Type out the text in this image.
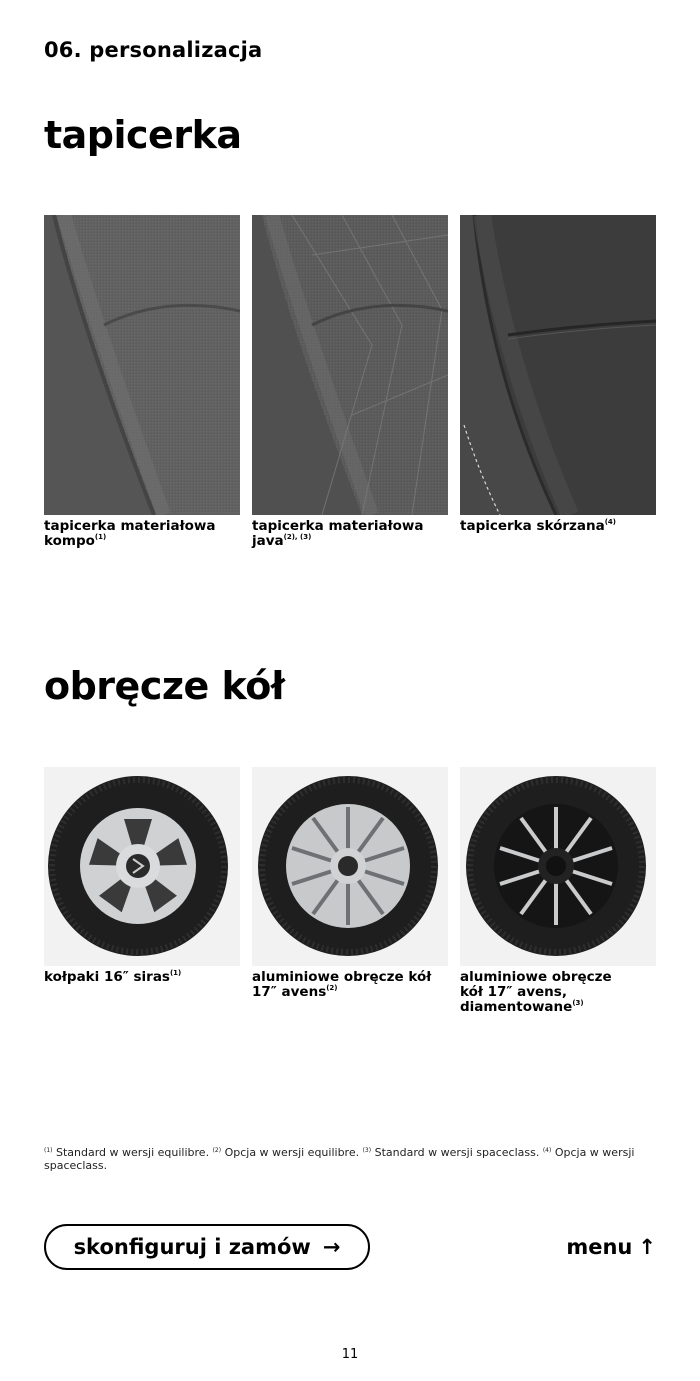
06. personalizacja
tapicerka
tapicerka materiałowa
kompo$^{(1)}$
tapicerka materiałowa
java$^{(2), (3)}$
tapicerka skórzana$^{(4)}$
obręcze kół
kołpaki 16″ siras$^{(1)}$	aluminiowe obręcze kół
17″ avens$^{(2)}$
aluminiowe obręcze
kół 17″ avens,
diamentowane$^{(3)}$
$^{(1)}$ Standard w wersji equilibre. $^{(2)}$ Opcja w wersji equilibre. $^{(3)}$ Standard w wersji spaceclass. $^{(4)}$ Opcja w wersji spaceclass.
skonfiguruj i zamów →	menu ↑
11
